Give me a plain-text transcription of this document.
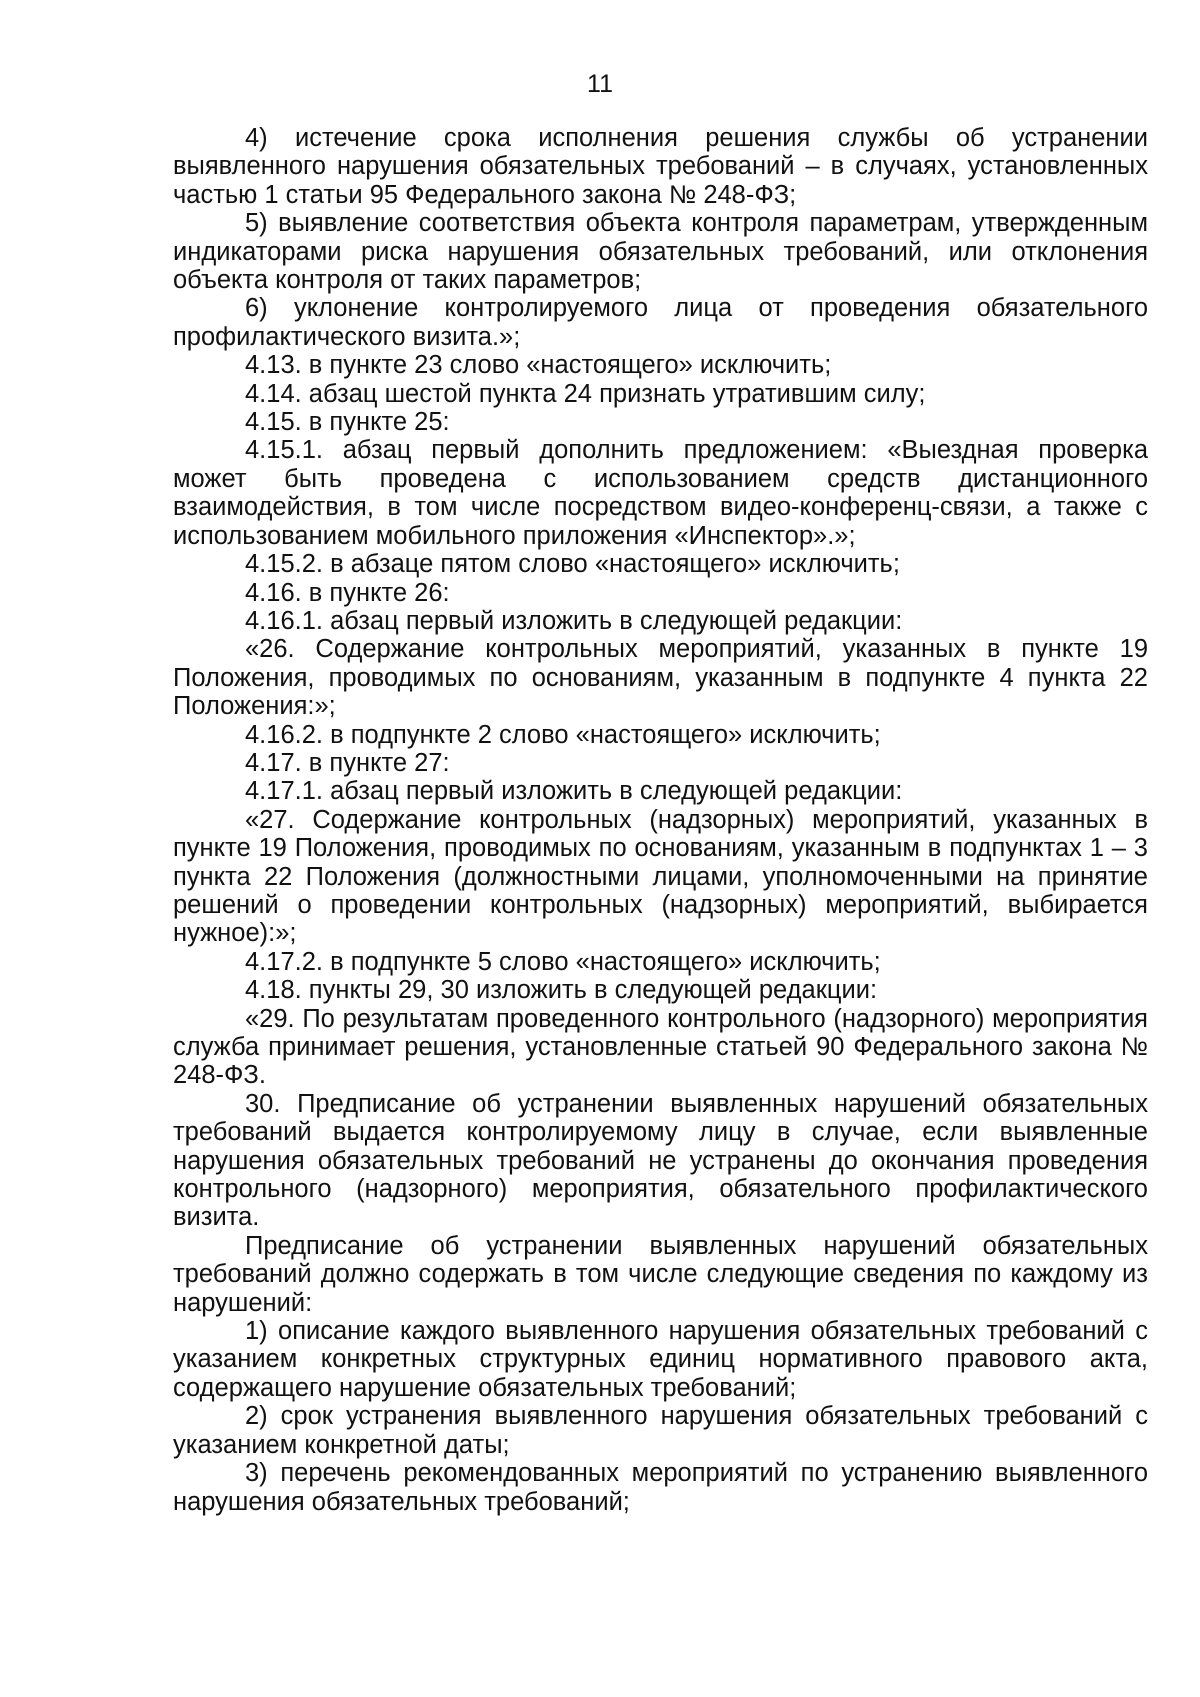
11

4) истечение срока исполнения решения службы об устранении выявленного нарушения обязательных требований – в случаях, установленных частью 1 статьи 95 Федерального закона № 248-ФЗ;

5) выявление соответствия объекта контроля параметрам, утвержденным индикаторами риска нарушения обязательных требований, или отклонения объекта контроля от таких параметров;

6) уклонение контролируемого лица от проведения обязательного профилактического визита.»;

4.13. в пункте 23 слово «настоящего» исключить;

4.14. абзац шестой пункта 24 признать утратившим силу;

4.15. в пункте 25:

4.15.1. абзац первый дополнить предложением: «Выездная проверка может быть проведена с использованием средств дистанционного взаимодействия, в том числе посредством видео-конференц-связи, а также с использованием мобильного приложения «Инспектор».»;

4.15.2. в абзаце пятом слово «настоящего» исключить;

4.16. в пункте 26:

4.16.1. абзац первый изложить в следующей редакции:

«26. Содержание контрольных мероприятий, указанных в пункте 19 Положения, проводимых по основаниям, указанным в подпункте 4 пункта 22 Положения:»;

4.16.2. в подпункте 2 слово «настоящего» исключить;

4.17. в пункте 27:

4.17.1. абзац первый изложить в следующей редакции:

«27. Содержание контрольных (надзорных) мероприятий, указанных в пункте 19 Положения, проводимых по основаниям, указанным в подпунктах 1 – 3 пункта 22 Положения (должностными лицами, уполномоченными на принятие решений о проведении контрольных (надзорных) мероприятий, выбирается нужное):»;

4.17.2. в подпункте 5 слово «настоящего» исключить;

4.18. пункты 29, 30 изложить в следующей редакции:

«29. По результатам проведенного контрольного (надзорного) мероприятия служба принимает решения, установленные статьей 90 Федерального закона № 248-ФЗ.

30. Предписание об устранении выявленных нарушений обязательных требований выдается контролируемому лицу в случае, если выявленные нарушения обязательных требований не устранены до окончания проведения контрольного (надзорного) мероприятия, обязательного профилактического визита.

Предписание об устранении выявленных нарушений обязательных требований должно содержать в том числе следующие сведения по каждому из нарушений:

1) описание каждого выявленного нарушения обязательных требований с указанием конкретных структурных единиц нормативного правового акта, содержащего нарушение обязательных требований;

2) срок устранения выявленного нарушения обязательных требований с указанием конкретной даты;

3) перечень рекомендованных мероприятий по устранению выявленного нарушения обязательных требований;
